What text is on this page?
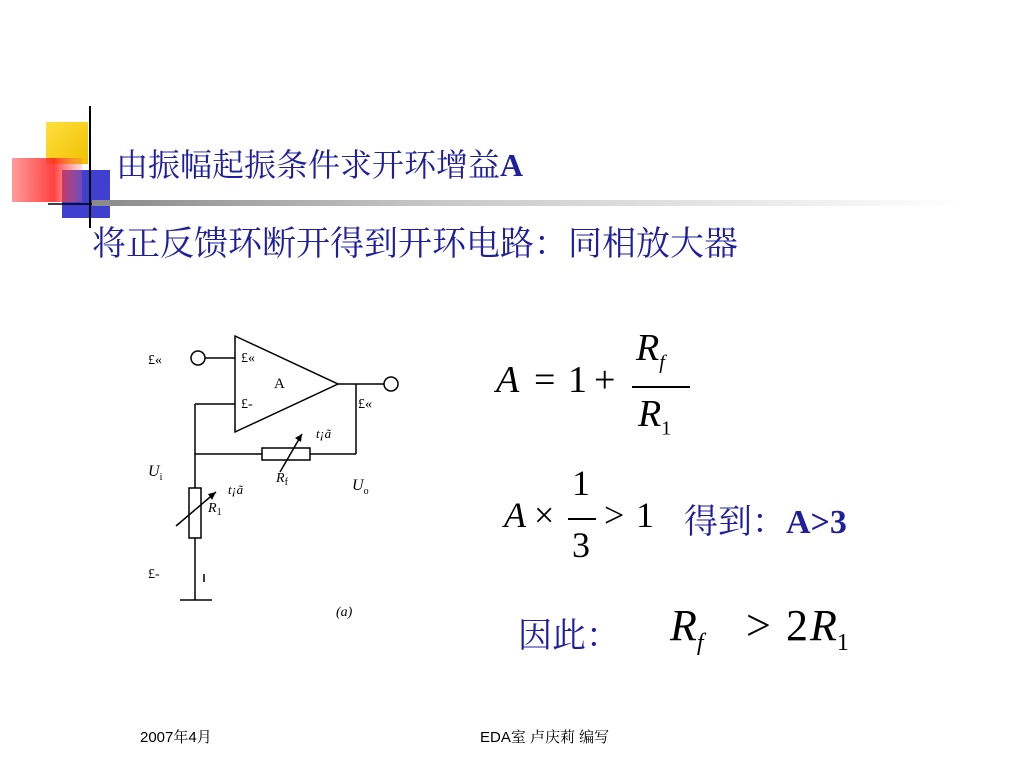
由振幅起振条件求开环增益A
将正反馈环断开得到开环电路：同相放大器
£«	£«
A
£-	£«
t¡ã
$R_f$
t¡ã
$R_1$
$U_i$	$U_o$
£-
(a)
A = 1 +
$R_f$
$R_1$
A ×
1
3
> 1 得到：A>3
因此： $R_f > 2$ $R_1$
2007年4月	EDA室 卢庆莉 编写
